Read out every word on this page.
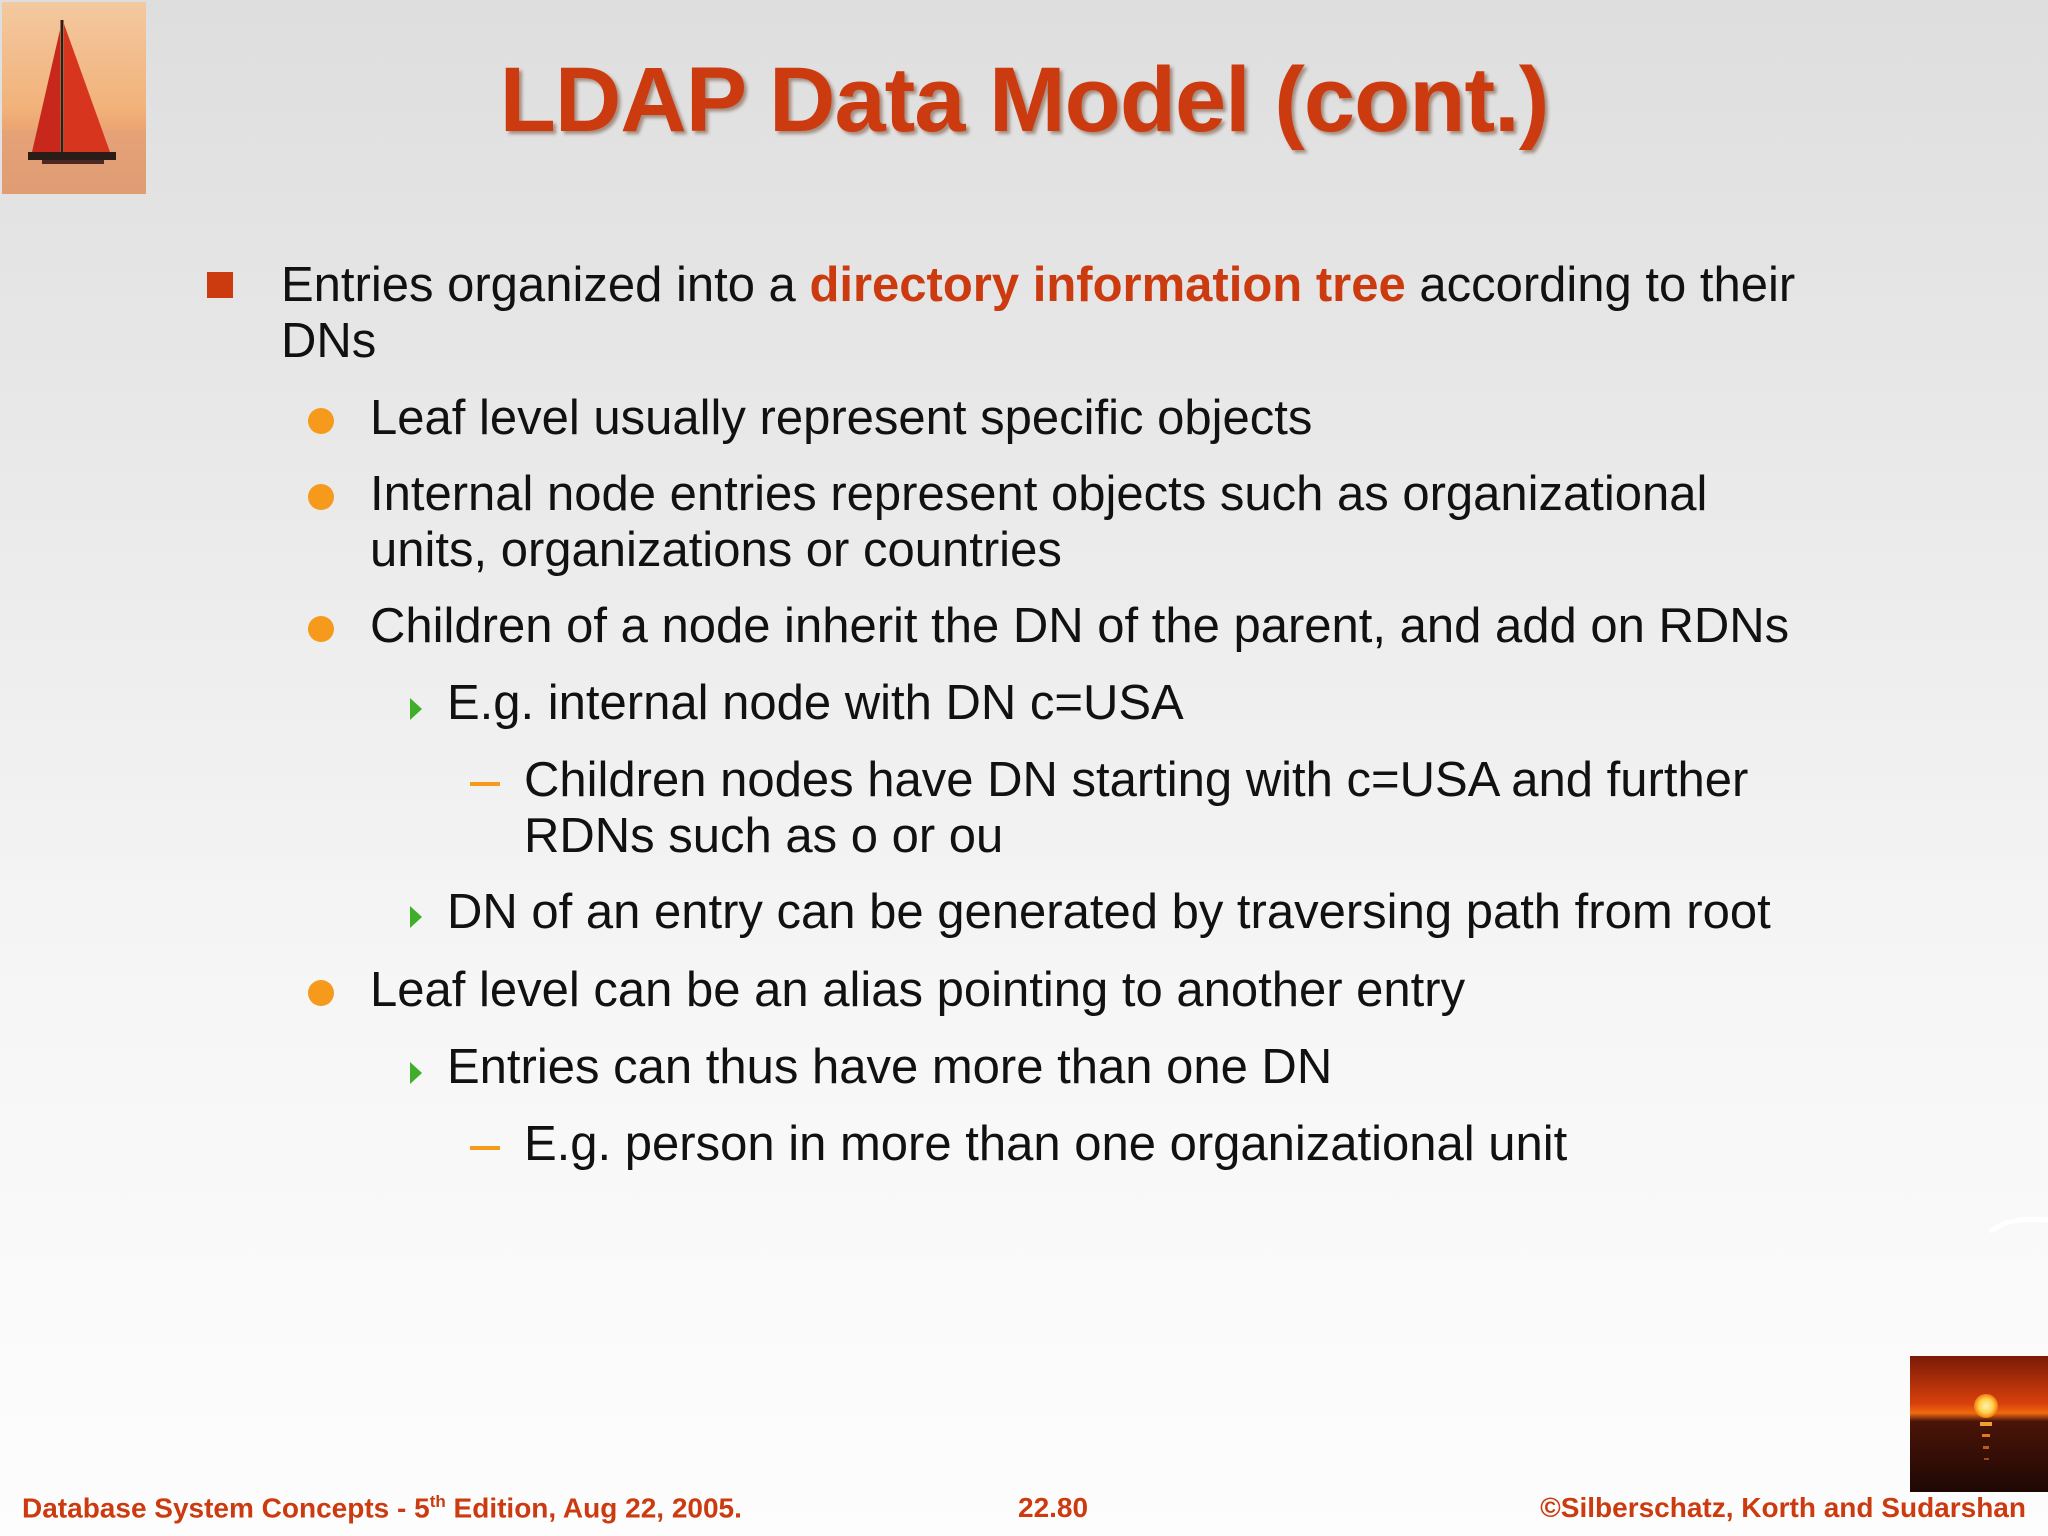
LDAP Data Model (cont.)
Entries organized into a directory information tree according to their
DNs
Leaf level usually represent specific objects
Internal node entries represent objects such as organizational
units, organizations or countries
Children of a node inherit the DN of the parent, and add on RDNs
E.g. internal node with DN c=USA
Children nodes have DN starting with c=USA and further
RDNs such as o or ou
DN of an entry can be generated by traversing path from root
Leaf level can be an alias pointing to another entry
Entries can thus have more than one DN
E.g. person in more than one organizational unit
Database System Concepts - 5th Edition, Aug 22, 2005.	22.80	©Silberschatz, Korth and Sudarshan
